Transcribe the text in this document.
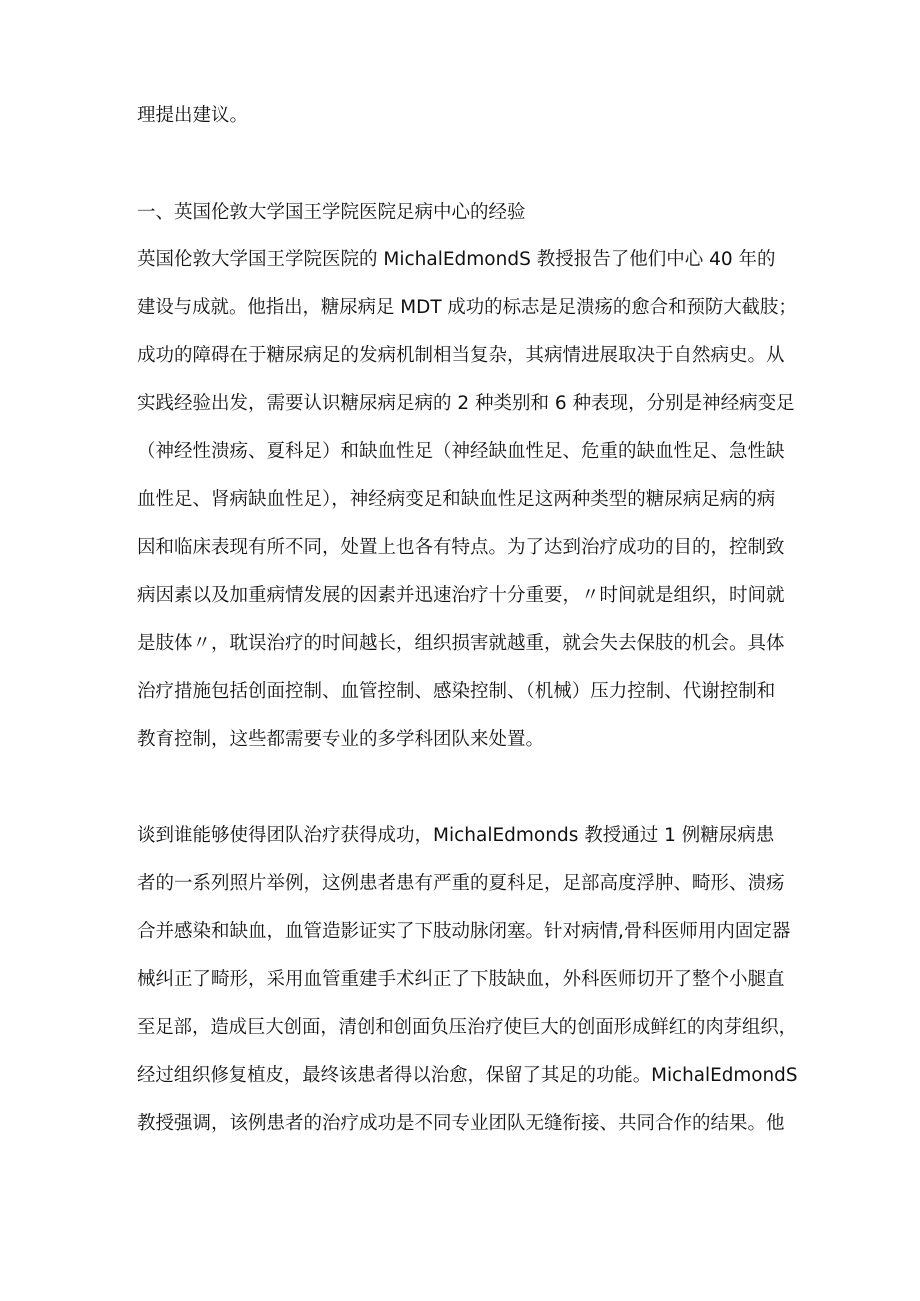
理提出建议。
一、英国伦敦大学国王学院医院足病中心的经验
英国伦敦大学国王学院医院的 MichalEdmondS 教授报告了他们中心 40 年的
建设与成就。他指出，糖尿病足 MDT 成功的标志是足溃疡的愈合和预防大截肢；
成功的障碍在于糖尿病足的发病机制相当复杂，其病情进展取决于自然病史。从
实践经验出发，需要认识糖尿病足病的 2 种类别和 6 种表现，分别是神经病变足
（神经性溃疡、夏科足）和缺血性足（神经缺血性足、危重的缺血性足、急性缺
血性足、肾病缺血性足），神经病变足和缺血性足这两种类型的糖尿病足病的病
因和临床表现有所不同，处置上也各有特点。为了达到治疗成功的目的，控制致
病因素以及加重病情发展的因素并迅速治疗十分重要，〃时间就是组织，时间就
是肢体〃，耽误治疗的时间越长，组织损害就越重，就会失去保肢的机会。具体
治疗措施包括创面控制、血管控制、感染控制、（机械）压力控制、代谢控制和
教育控制，这些都需要专业的多学科团队来处置。
谈到谁能够使得团队治疗获得成功，MichalEdmonds 教授通过 1 例糖尿病患
者的一系列照片举例，这例患者患有严重的夏科足，足部高度浮肿、畸形、溃疡
合并感染和缺血，血管造影证实了下肢动脉闭塞。针对病情,骨科医师用内固定器
械纠正了畸形，采用血管重建手术纠正了下肢缺血，外科医师切开了整个小腿直
至足部，造成巨大创面，清创和创面负压治疗使巨大的创面形成鲜红的肉芽组织，
经过组织修复植皮，最终该患者得以治愈，保留了其足的功能。MichalEdmondS
教授强调，该例患者的治疗成功是不同专业团队无缝衔接、共同合作的结果。他
